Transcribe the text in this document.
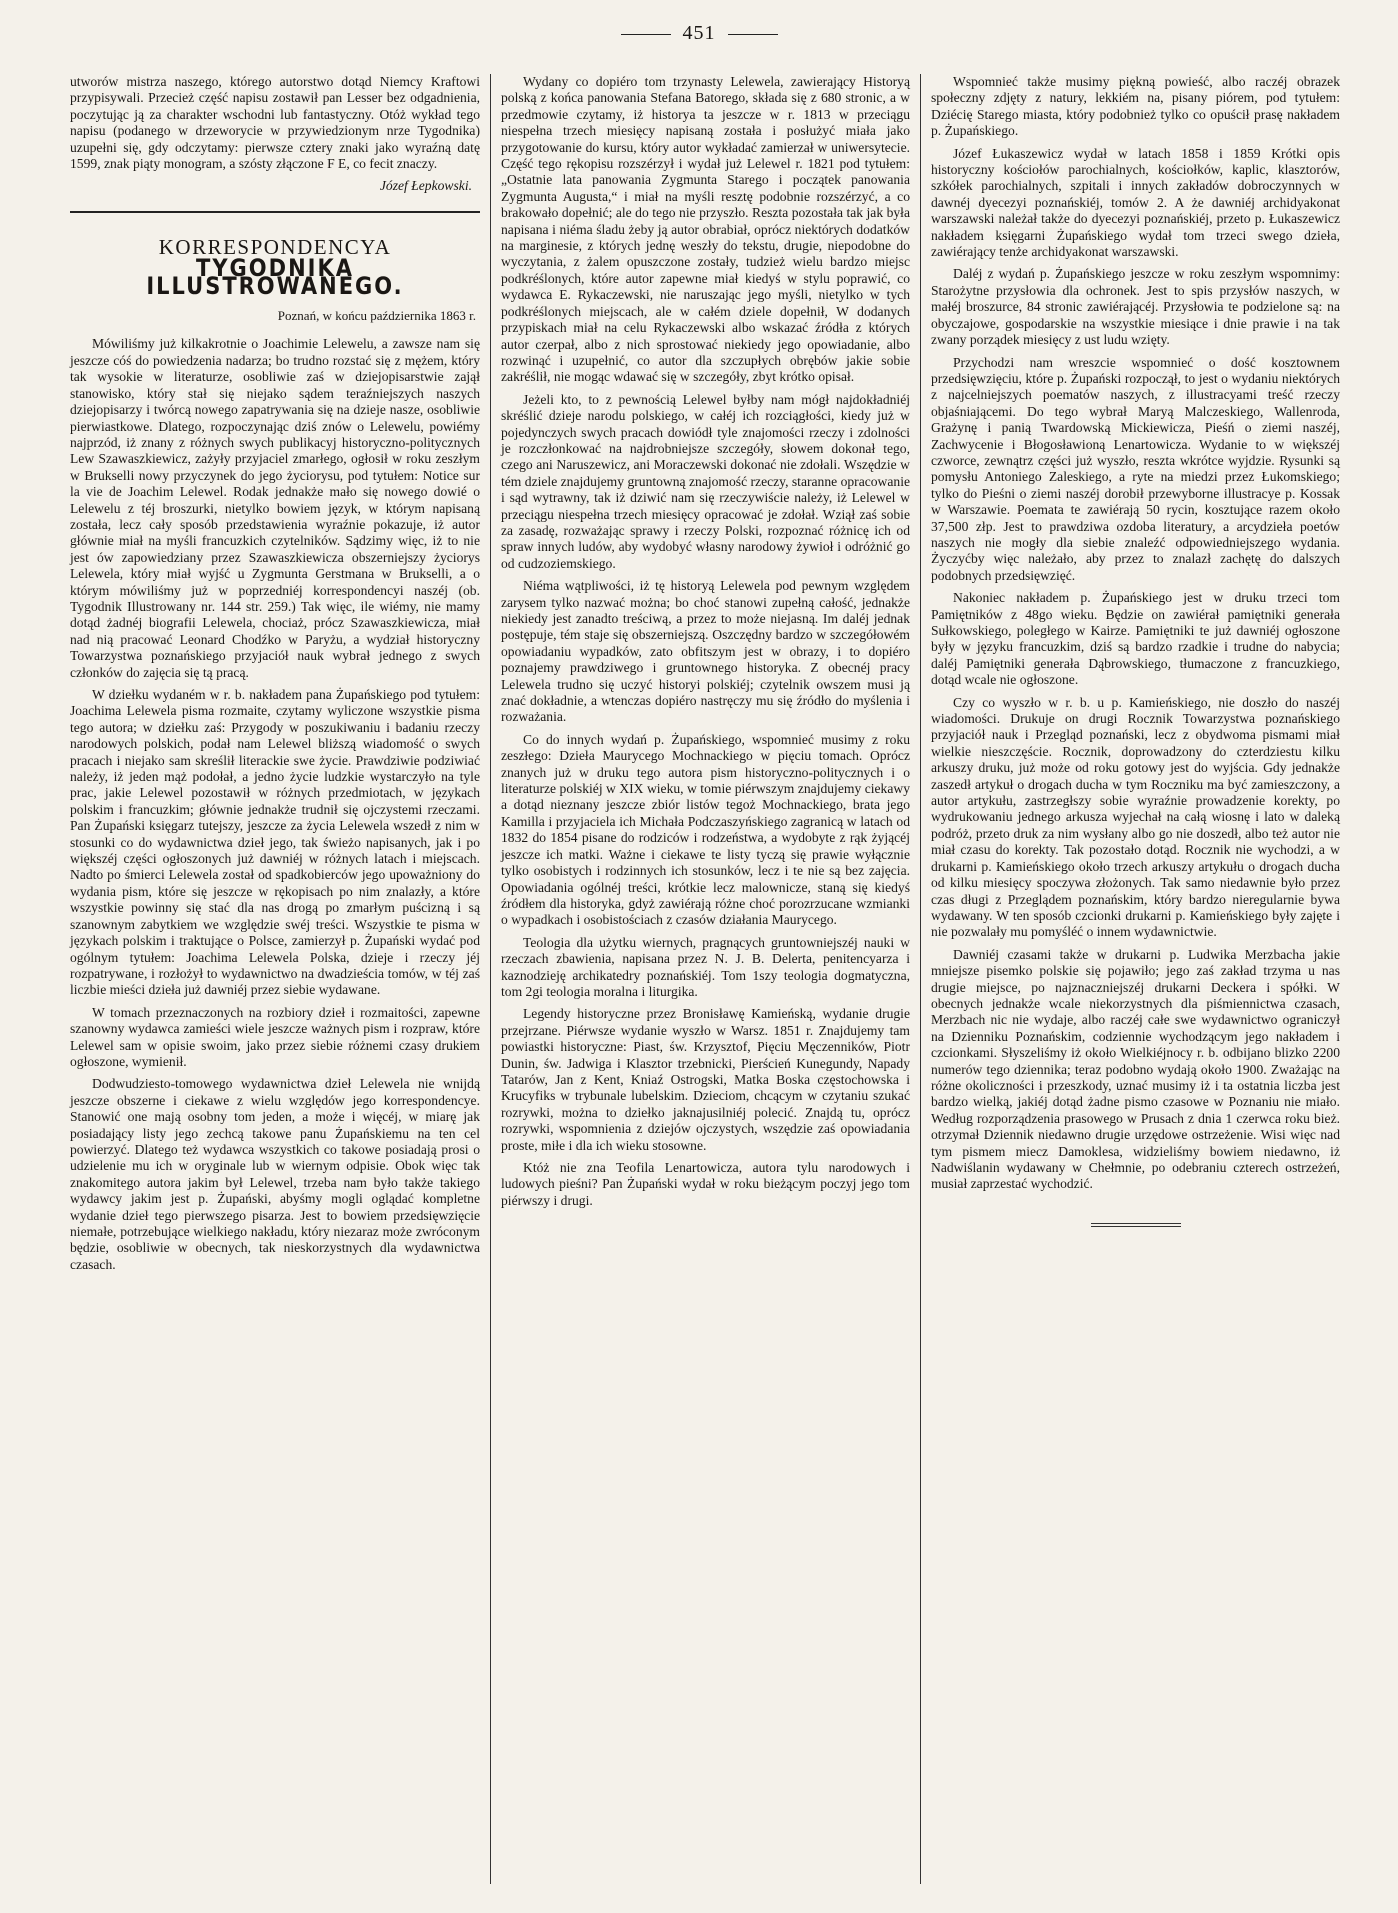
451

utworów mistrza naszego, którego autorstwo dotąd Niemcy Kraftowi przypisywali. Przecież część napisu zostawił pan Lesser bez odgadnienia, poczytując ją za charakter wschodni lub fantastyczny. Otóż wykład tego napisu (podanego w drzeworycie w przywiedzionym nrze Tygodnika) uzupełni się, gdy odczytamy: pierwsze cztery znaki jako wyraźną datę 1599, znak piąty monogram, a szósty złączone F E, co fecit znaczy.

Józef Łepkowski.
KORRESPONDENCYA
TYGODNIKA ILLUSTROWANEGO.
Poznań, w końcu października 1863 r.

Mówiliśmy już kilkakrotnie o Joachimie Lelewelu, a zawsze nam się jeszcze cóś do powiedzenia nadarza; bo trudno rozstać się z mężem, który tak wysokie w literaturze, osobliwie zaś w dziejopisarstwie zajął stanowisko, który stał się niejako sądem teraźniejszych naszych dziejopisarzy i twórcą nowego zapatrywania się na dzieje nasze, osobliwie pierwiastkowe. Dlatego, rozpoczynając dziś znów o Lelewelu, powiémy najprzód, iż znany z różnych swych publikacyj historyczno-politycznych Lew Szawaszkiewicz, zażyły przyjaciel zmarłego, ogłosił w roku zeszłym w Brukselli nowy przyczynek do jego życiorysu, pod tytułem: Notice sur la vie de Joachim Lelewel. Rodak jednakże mało się nowego dowié o Lelewelu z téj broszurki, nietylko bowiem język, w którym napisaną została, lecz cały sposób przedstawienia wyraźnie pokazuje, iż autor głównie miał na myśli francuzkich czytelników. Sądzimy więc, iż to nie jest ów zapowiedziany przez Szawaszkiewicza obszerniejszy życiorys Lelewela, który miał wyjść u Zygmunta Gerstmana w Brukselli, a o którym mówiliśmy już w poprzedniéj korrespondencyi naszéj (ob. Tygodnik Illustrowany nr. 144 str. 259.) Tak więc, ile wiémy, nie mamy dotąd żadnéj biografii Lelewela, chociaż, prócz Szawaszkiewicza, miał nad nią pracować Leonard Chodźko w Paryżu, a wydział historyczny Towarzystwa poznańskiego przyjaciół nauk wybrał jednego z swych członków do zajęcia się tą pracą.

W dziełku wydaném w r. b. nakładem pana Żupańskiego pod tytułem: Joachima Lelewela pisma rozmaite, czytamy wyliczone wszystkie pisma tego autora; w dziełku zaś: Przygody w poszukiwaniu i badaniu rzeczy narodowych polskich, podał nam Lelewel bliższą wiadomość o swych pracach i niejako sam skreślił literackie swe życie. Prawdziwie podziwiać należy, iż jeden mąż podołał, a jedno życie ludzkie wystarczyło na tyle prac, jakie Lelewel pozostawił w różnych przedmiotach, w językach polskim i francuzkim; głównie jednakże trudnił się ojczystemi rzeczami. Pan Żupański księgarz tutejszy, jeszcze za życia Lelewela wszedł z nim w stosunki co do wydawnictwa dzieł jego, tak świeżo napisanych, jak i po większéj części ogłoszonych już dawniéj w różnych latach i miejscach. Nadto po śmierci Lelewela został od spadkobierców jego upoważniony do wydania pism, które się jeszcze w rękopisach po nim znalazły, a które wszystkie powinny się stać dla nas drogą po zmarłym puścizną i są szanownym zabytkiem we względzie swéj treści. Wszystkie te pisma w językach polskim i traktujące o Polsce, zamierzył p. Żupański wydać pod ogólnym tytułem: Joachima Lelewela Polska, dzieje i rzeczy jéj rozpatrywane, i rozłożył to wydawnictwo na dwadzieścia tomów, w téj zaś liczbie mieści dzieła już dawniéj przez siebie wydawane.

W tomach przeznaczonych na rozbiory dzieł i rozmaitości, zapewne szanowny wydawca zamieści wiele jeszcze ważnych pism i rozpraw, które Lelewel sam w opisie swoim, jako przez siebie różnemi czasy drukiem ogłoszone, wymienił.

Dodwudziesto-tomowego wydawnictwa dzieł Lelewela nie wnijdą jeszcze obszerne i ciekawe z wielu względów jego korrespondencye. Stanowić one mają osobny tom jeden, a może i więcéj, w miarę jak posiadający listy jego zechcą takowe panu Żupańskiemu na ten cel powierzyć. Dlatego też wydawca wszystkich co takowe posiadają prosi o udzielenie mu ich w oryginale lub w wiernym odpisie. Obok więc tak znakomitego autora jakim był Lelewel, trzeba nam było także takiego wydawcy jakim jest p. Żupański, abyśmy mogli oglądać kompletne wydanie dzieł tego pierwszego pisarza. Jest to bowiem przedsięwzięcie niemałe, potrzebujące wielkiego nakładu, który niezaraz może zwróconym będzie, osobliwie w obecnych, tak nieskorzystnych dla wydawnictwa czasach.

Wydany co dopiéro tom trzynasty Lelewela, zawierający Historyą polską z końca panowania Stefana Batorego, składa się z 680 stronic, a w przedmowie czytamy, iż historya ta jeszcze w r. 1813 w przeciągu niespełna trzech miesięcy napisaną została i posłużyć miała jako przygotowanie do kursu, który autor wykładać zamierzał w uniwersytecie. Część tego rękopisu rozszérzył i wydał już Lelewel r. 1821 pod tytułem: „Ostatnie lata panowania Zygmunta Starego i początek panowania Zygmunta Augusta,“ i miał na myśli resztę podobnie rozszérzyć, a co brakowało dopełnić; ale do tego nie przyszło. Reszta pozostała tak jak była napisana i niéma śladu żeby ją autor obrabiał, oprócz niektórych dodatków na marginesie, z których jednę weszły do tekstu, drugie, niepodobne do wyczytania, z żalem opuszczone zostały, tudzież wielu bardzo miejsc podkréślonych, które autor zapewne miał kiedyś w stylu poprawić, co wydawca E. Rykaczewski, nie naruszając jego myśli, nietylko w tych podkréślonych miejscach, ale w całém dziele dopełnił, W dodanych przypiskach miał na celu Rykaczewski albo wskazać źródła z których autor czerpał, albo z nich sprostować niekiedy jego opowiadanie, albo rozwinąć i uzupełnić, co autor dla szczupłych obrębów jakie sobie zakréślił, nie mogąc wdawać się w szczegóły, zbyt krótko opisał.

Jeżeli kto, to z pewnością Lelewel byłby nam mógł najdokładniéj skréślić dzieje narodu polskiego, w całéj ich rozciągłości, kiedy już w pojedynczych swych pracach dowiódł tyle znajomości rzeczy i zdolności je rozczłonkować na najdrobniejsze szczegóły, słowem dokonał tego, czego ani Naruszewicz, ani Moraczewski dokonać nie zdołali. Wszędzie w tém dziele znajdujemy gruntowną znajomość rzeczy, staranne opracowanie i sąd wytrawny, tak iż dziwić nam się rzeczywiście należy, iż Lelewel w przeciągu niespełna trzech miesięcy opracować je zdołał. Wziął zaś sobie za zasadę, rozważając sprawy i rzeczy Polski, rozpoznać różnicę ich od spraw innych ludów, aby wydobyć własny narodowy żywioł i odróżnić go od cudzoziemskiego.

Niéma wątpliwości, iż tę historyą Lelewela pod pewnym względem zarysem tylko nazwać można; bo choć stanowi zupełną całość, jednakże niekiedy jest zanadto treściwą, a przez to może niejasną. Im daléj jednak postępuje, tém staje się obszerniejszą. Oszczędny bardzo w szczegółowém opowiadaniu wypadków, zato obfitszym jest w obrazy, i to dopiéro poznajemy prawdziwego i gruntownego historyka. Z obecnéj pracy Lelewela trudno się uczyć historyi polskiéj; czytelnik owszem musi ją znać dokładnie, a wtenczas dopiéro nastręczy mu się źródło do myślenia i rozważania.

Co do innych wydań p. Żupańskiego, wspomnieć musimy z roku zeszłego: Dzieła Maurycego Mochnackiego w pięciu tomach. Oprócz znanych już w druku tego autora pism historyczno-politycznych i o literaturze polskiéj w XIX wieku, w tomie piérwszym znajdujemy ciekawy a dotąd nieznany jeszcze zbiór listów tegoż Mochnackiego, brata jego Kamilla i przyjaciela ich Michała Podczaszyńskiego zagranicą w latach od 1832 do 1854 pisane do rodziców i rodzeństwa, a wydobyte z rąk żyjącéj jeszcze ich matki. Ważne i ciekawe te listy tyczą się prawie wyłącznie tylko osobistych i rodzinnych ich stosunków, lecz i te nie są bez zajęcia. Opowiadania ogólnéj treści, krótkie lecz malownicze, staną się kiedyś źródłem dla historyka, gdyż zawiérają różne choć porozrzucane wzmianki o wypadkach i osobistościach z czasów działania Maurycego.

Teologia dla użytku wiernych, pragnących gruntowniejszéj nauki w rzeczach zbawienia, napisana przez N. J. B. Delerta, penitencyarza i kaznodzieję archikatedry poznańskiéj. Tom 1szy teologia dogmatyczna, tom 2gi teologia moralna i liturgika.

Legendy historyczne przez Bronisławę Kamieńską, wydanie drugie przejrzane. Piérwsze wydanie wyszło w Warsz. 1851 r. Znajdujemy tam powiastki historyczne: Piast, św. Krzysztof, Pięciu Męczenników, Piotr Dunin, św. Jadwiga i Klasztor trzebnicki, Pierścień Kunegundy, Napady Tatarów, Jan z Kent, Kniaź Ostrogski, Matka Boska częstochowska i Krucyfiks w trybunale lubelskim. Dzieciom, chcącym w czytaniu szukać rozrywki, można to dziełko jaknajusilniéj polecić. Znajdą tu, oprócz rozrywki, wspomnienia z dziejów ojczystych, wszędzie zaś opowiadania proste, miłe i dla ich wieku stosowne.

Któż nie zna Teofila Lenartowicza, autora tylu narodowych i ludowych pieśni? Pan Żupański wydał w roku bieżącym poczyj jego tom piérwszy i drugi.

Wspomnieć także musimy piękną powieść, albo raczéj obrazek społeczny zdjęty z natury, lekkiém na, pisany piórem, pod tytułem: Dziécię Starego miasta, który podobnież tylko co opuścił prasę nakładem p. Żupańskiego.

Józef Łukaszewicz wydał w latach 1858 i 1859 Krótki opis historyczny kościołów parochialnych, kościołków, kaplic, klasztorów, szkółek parochialnych, szpitali i innych zakładów dobroczynnych w dawnéj dyecezyi poznańskiéj, tomów 2. A że dawniéj archidyakonat warszawski należał także do dyecezyi poznańskiéj, przeto p. Łukaszewicz nakładem księgarni Żupańskiego wydał tom trzeci swego dzieła, zawiérający tenże archidyakonat warszawski.

Daléj z wydań p. Żupańskiego jeszcze w roku zeszłym wspomnimy: Starożytne przysłowia dla ochronek. Jest to spis przysłów naszych, w małéj broszurce, 84 stronic zawiérającéj. Przysłowia te podzielone są: na obyczajowe, gospodarskie na wszystkie miesiące i dnie prawie i na tak zwany porządek miesięcy z ust ludu wzięty.

Przychodzi nam wreszcie wspomnieć o dość kosztownem przedsięwzięciu, które p. Żupański rozpoczął, to jest o wydaniu niektórych z najcelniejszych poematów naszych, z illustracyami treść rzeczy objaśniającemi. Do tego wybrał Maryą Malczeskiego, Wallenroda, Grażynę i panią Twardowską Mickiewicza, Pieśń o ziemi naszéj, Zachwycenie i Błogosławioną Lenartowicza. Wydanie to w większéj czworce, zewnątrz części już wyszło, reszta wkrótce wyjdzie. Rysunki są pomysłu Antoniego Zaleskiego, a ryte na miedzi przez Łukomskiego; tylko do Pieśni o ziemi naszéj dorobił przewyborne illustracye p. Kossak w Warszawie. Poemata te zawiérają 50 rycin, kosztujące razem około 37,500 złp. Jest to prawdziwa ozdoba literatury, a arcydzieła poetów naszych nie mogły dla siebie znaleźć odpowiedniejszego wydania. Życzyćby więc należało, aby przez to znalazł zachętę do dalszych podobnych przedsięwzięć.

Nakoniec nakładem p. Żupańskiego jest w druku trzeci tom Pamiętników z 48go wieku. Będzie on zawiérał pamiętniki generała Sułkowskiego, poległego w Kairze. Pamiętniki te już dawniéj ogłoszone były w języku francuzkim, dziś są bardzo rzadkie i trudne do nabycia; daléj Pamiętniki generała Dąbrowskiego, tłumaczone z francuzkiego, dotąd wcale nie ogłoszone.

Czy co wyszło w r. b. u p. Kamieńskiego, nie doszło do naszéj wiadomości. Drukuje on drugi Rocznik Towarzystwa poznańskiego przyjaciół nauk i Przegląd poznański, lecz z obydwoma pismami miał wielkie nieszczęście. Rocznik, doprowadzony do czterdziestu kilku arkuszy druku, już może od roku gotowy jest do wyjścia. Gdy jednakże zaszedł artykuł o drogach ducha w tym Roczniku ma być zamieszczony, a autor artykułu, zastrzegłszy sobie wyraźnie prowadzenie korekty, po wydrukowaniu jednego arkusza wyjechał na całą wiosnę i lato w daleką podróż, przeto druk za nim wysłany albo go nie doszedł, albo też autor nie miał czasu do korekty. Tak pozostało dotąd. Rocznik nie wychodzi, a w drukarni p. Kamieńskiego około trzech arkuszy artykułu o drogach ducha od kilku miesięcy spoczywa złożonych. Tak samo niedawnie było przez czas długi z Przeglądem poznańskim, który bardzo nieregularnie bywa wydawany. W ten sposób czcionki drukarni p. Kamieńskiego były zajęte i nie pozwalały mu pomyśléć o innem wydawnictwie.

Dawniéj czasami także w drukarni p. Ludwika Merzbacha jakie mniejsze pisemko polskie się pojawiło; jego zaś zakład trzyma u nas drugie miejsce, po najznaczniejszéj drukarni Deckera i spółki. W obecnych jednakże wcale niekorzystnych dla piśmiennictwa czasach, Merzbach nic nie wydaje, albo raczéj całe swe wydawnictwo ograniczył na Dzienniku Poznańskim, codziennie wychodzącym jego nakładem i czcionkami. Słyszeliśmy iż około Wielkiéjnocy r. b. odbijano blizko 2200 numerów tego dziennika; teraz podobno wydają około 1900. Zważając na różne okoliczności i przeszkody, uznać musimy iż i ta ostatnia liczba jest bardzo wielką, jakiéj dotąd żadne pismo czasowe w Poznaniu nie miało. Według rozporządzenia prasowego w Prusach z dnia 1 czerwca roku bież. otrzymał Dziennik niedawno drugie urzędowe ostrzeżenie. Wisi więc nad tym pismem miecz Damoklesa, widzieliśmy bowiem niedawno, iż Nadwiślanin wydawany w Chełmnie, po odebraniu czterech ostrzeżeń, musiał zaprzestać wychodzić.
